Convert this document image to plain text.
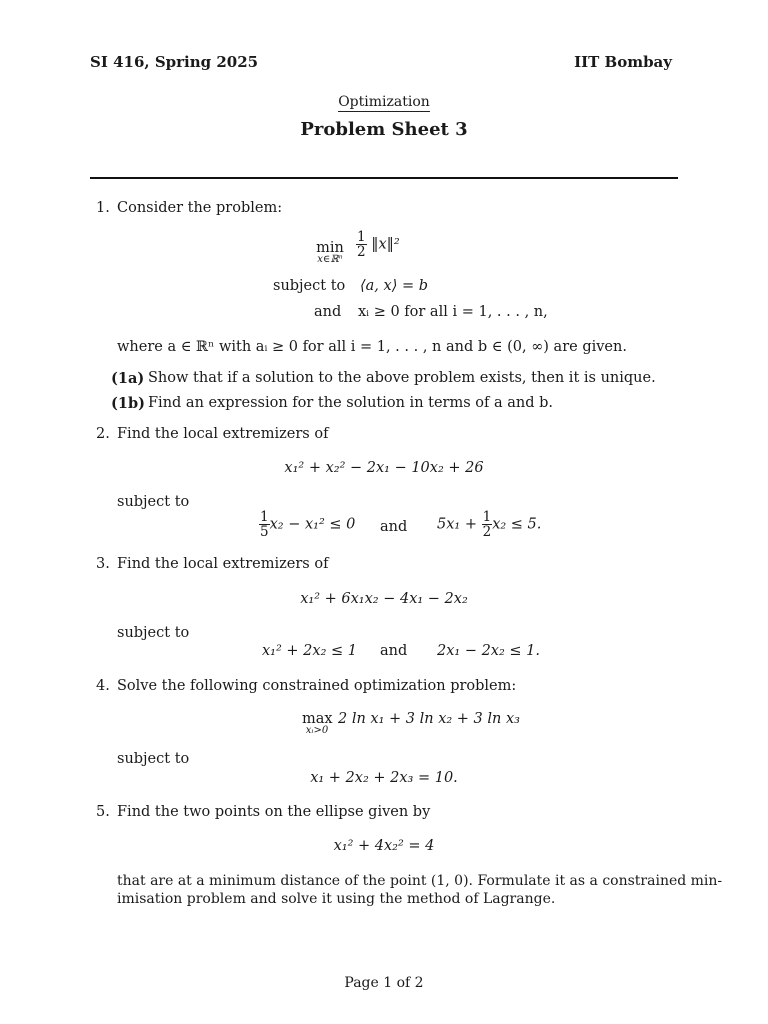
SI 416, Spring 2025	IIT Bombay
Optimization
Problem Sheet 3
1. Consider the problem:
min
x∈ℝⁿ
$\frac{1}{2}$ ‖x‖²
subject to ⟨a, x⟩ = b
and xᵢ ≥ 0 for all i = 1, . . . , n,
where a ∈ ℝⁿ with aᵢ ≥ 0 for all i = 1, . . . , n and b ∈ (0, ∞) are given.
(1a) Show that if a solution to the above problem exists, then it is unique.
(1b) Find an expression for the solution in terms of a and b.
2. Find the local extremizers of
x₁² + x₂² − 2x₁ − 10x₂ + 26
subject to
$\frac{1}{5} x_2 - x_1^2 \le 0$ and $5x_1 + \frac{1}{2} x_2 \le 5$.
3. Find the local extremizers of
x₁² + 6x₁x₂ − 4x₁ − 2x₂
subject to
x₁² + 2x₂ ≤ 1 and 2x₁ − 2x₂ ≤ 1.
4. Solve the following constrained optimization problem:
max
xᵢ>0
2 ln x₁ + 3 ln x₂ + 3 ln x₃
subject to
x₁ + 2x₂ + 2x₃ = 10.
5. Find the two points on the ellipse given by
x₁² + 4x₂² = 4
that are at a minimum distance of the point (1, 0). Formulate it as a constrained min-
imisation problem and solve it using the method of Lagrange.
Page 1 of 2
